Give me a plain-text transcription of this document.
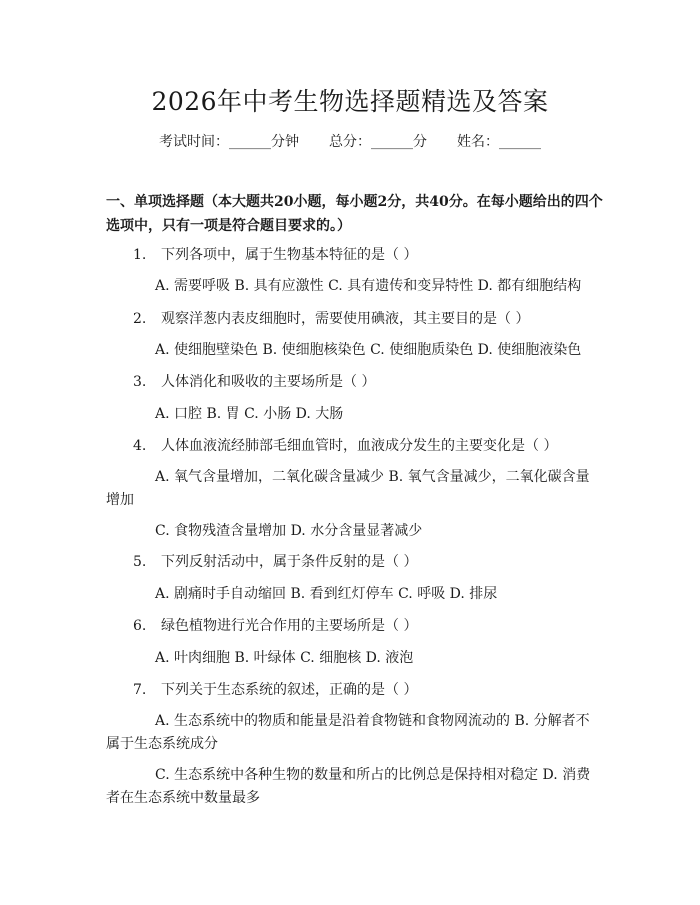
2026年中考生物选择题精选及答案
考试时间：______分钟 总分：______分 姓名：______
一、单项选择题（本大题共20小题，每小题2分，共40分。在每小题给出的四个选项中，只有一项是符合题目要求的。）
1. 下列各项中，属于生物基本特征的是（ ）
A. 需要呼吸 B. 具有应激性 C. 具有遗传和变异特性 D. 都有细胞结构
2. 观察洋葱内表皮细胞时，需要使用碘液，其主要目的是（ ）
A. 使细胞壁染色 B. 使细胞核染色 C. 使细胞质染色 D. 使细胞液染色
3. 人体消化和吸收的主要场所是（ ）
A. 口腔 B. 胃 C. 小肠 D. 大肠
4. 人体血液流经肺部毛细血管时，血液成分发生的主要变化是（ ）
A. 氧气含量增加，二氧化碳含量减少 B. 氧气含量减少，二氧化碳含量
增加
C. 食物残渣含量增加 D. 水分含量显著减少
5. 下列反射活动中，属于条件反射的是（ ）
A. 剧痛时手自动缩回 B. 看到红灯停车 C. 呼吸 D. 排尿
6. 绿色植物进行光合作用的主要场所是（ ）
A. 叶肉细胞 B. 叶绿体 C. 细胞核 D. 液泡
7. 下列关于生态系统的叙述，正确的是（ ）
A. 生态系统中的物质和能量是沿着食物链和食物网流动的 B. 分解者不
属于生态系统成分
C. 生态系统中各种生物的数量和所占的比例总是保持相对稳定 D. 消费
者在生态系统中数量最多
